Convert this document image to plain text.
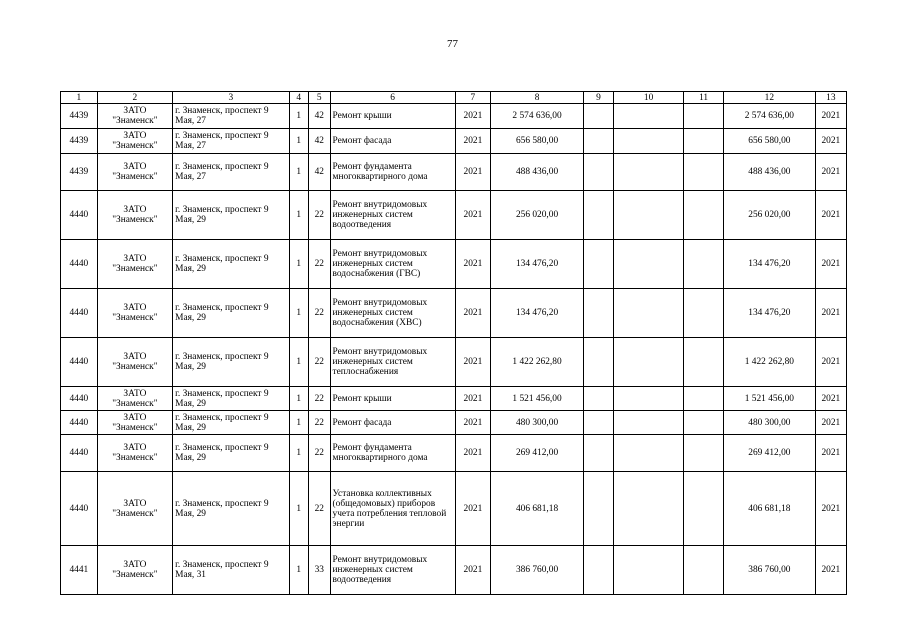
77
1	2	3	4	5	6	7	8	9	10	11	12	13
4439	ЗАТО "Знаменск"	г. Знаменск, проспект 9 Мая, 27	1	42	Ремонт крыши	2021	2 574 636,00				2 574 636,00	2021
4439	ЗАТО "Знаменск"	г. Знаменск, проспект 9 Мая, 27	1	42	Ремонт фасада	2021	656 580,00				656 580,00	2021
4439	ЗАТО "Знаменск"	г. Знаменск, проспект 9 Мая, 27	1	42	Ремонт фундамента многоквартирного дома	2021	488 436,00				488 436,00	2021
4440	ЗАТО "Знаменск"	г. Знаменск, проспект 9 Мая, 29	1	22	Ремонт внутридомовых инженерных систем водоотведения	2021	256 020,00				256 020,00	2021
4440	ЗАТО "Знаменск"	г. Знаменск, проспект 9 Мая, 29	1	22	Ремонт внутридомовых инженерных систем водоснабжения (ГВС)	2021	134 476,20				134 476,20	2021
4440	ЗАТО "Знаменск"	г. Знаменск, проспект 9 Мая, 29	1	22	Ремонт внутридомовых инженерных систем водоснабжения (ХВС)	2021	134 476,20				134 476,20	2021
4440	ЗАТО "Знаменск"	г. Знаменск, проспект 9 Мая, 29	1	22	Ремонт внутридомовых инженерных систем теплоснабжения	2021	1 422 262,80				1 422 262,80	2021
4440	ЗАТО "Знаменск"	г. Знаменск, проспект 9 Мая, 29	1	22	Ремонт крыши	2021	1 521 456,00				1 521 456,00	2021
4440	ЗАТО "Знаменск"	г. Знаменск, проспект 9 Мая, 29	1	22	Ремонт фасада	2021	480 300,00				480 300,00	2021
4440	ЗАТО "Знаменск"	г. Знаменск, проспект 9 Мая, 29	1	22	Ремонт фундамента многоквартирного дома	2021	269 412,00				269 412,00	2021
4440	ЗАТО "Знаменск"	г. Знаменск, проспект 9 Мая, 29	1	22	Установка коллективных (общедомовых) приборов учета потребления тепловой энергии	2021	406 681,18				406 681,18	2021
4441	ЗАТО "Знаменск"	г. Знаменск, проспект 9 Мая, 31	1	33	Ремонт внутридомовых инженерных систем водоотведения	2021	386 760,00				386 760,00	2021
